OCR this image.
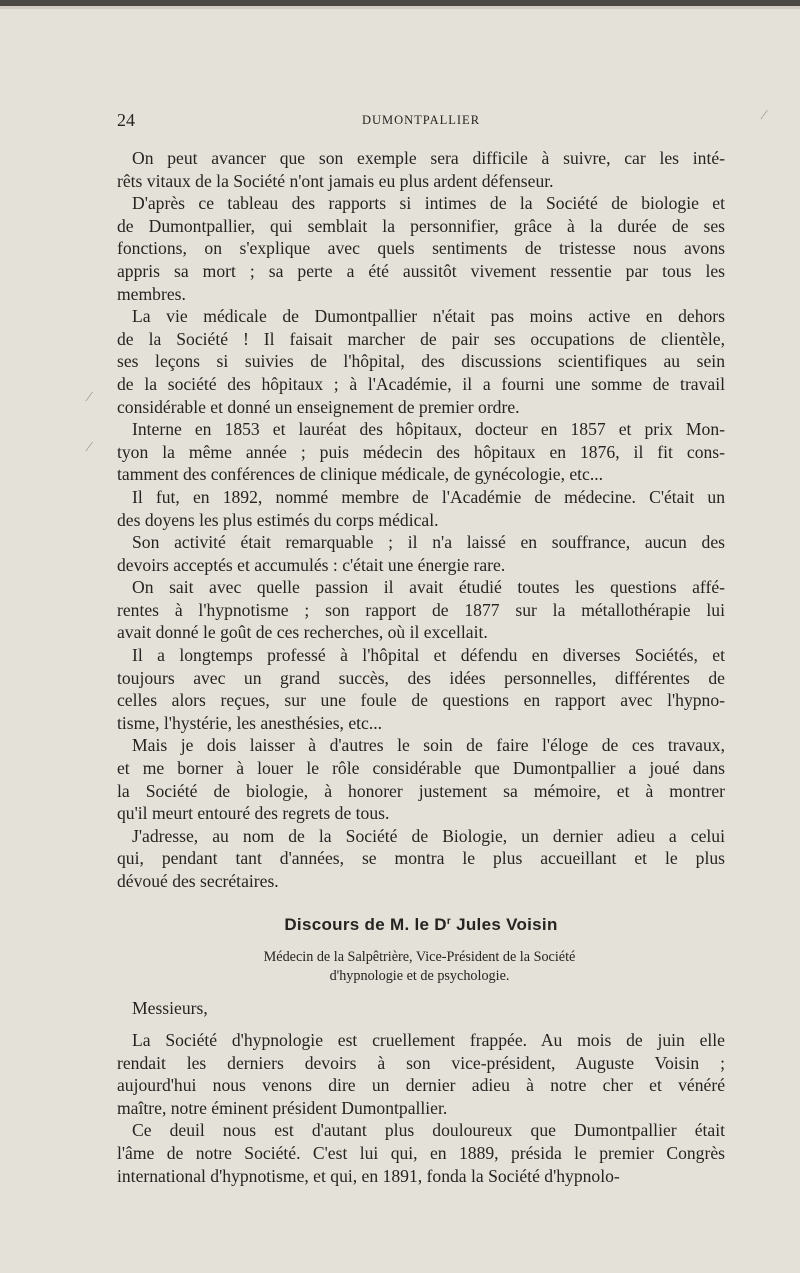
24	DUMONTPALLIER
On peut avancer que son exemple sera difficile à suivre, car les inté-
rêts vitaux de la Société n'ont jamais eu plus ardent défenseur.
D'après ce tableau des rapports si intimes de la Société de biologie et
de Dumontpallier, qui semblait la personnifier, grâce à la durée de ses
fonctions, on s'explique avec quels sentiments de tristesse nous avons
appris sa mort ; sa perte a été aussitôt vivement ressentie par tous les
membres.
La vie médicale de Dumontpallier n'était pas moins active en dehors
de la Société ! Il faisait marcher de pair ses occupations de clientèle,
ses leçons si suivies de l'hôpital, des discussions scientifiques au sein
de la société des hôpitaux ; à l'Académie, il a fourni une somme de travail
considérable et donné un enseignement de premier ordre.
Interne en 1853 et lauréat des hôpitaux, docteur en 1857 et prix Mon-
tyon la même année ; puis médecin des hôpitaux en 1876, il fit cons-
tamment des conférences de clinique médicale, de gynécologie, etc...
Il fut, en 1892, nommé membre de l'Académie de médecine. C'était un
des doyens les plus estimés du corps médical.
Son activité était remarquable ; il n'a laissé en souffrance, aucun des
devoirs acceptés et accumulés : c'était une énergie rare.
On sait avec quelle passion il avait étudié toutes les questions affé-
rentes à l'hypnotisme ; son rapport de 1877 sur la métallothérapie lui
avait donné le goût de ces recherches, où il excellait.
Il a longtemps professé à l'hôpital et défendu en diverses Sociétés, et
toujours avec un grand succès, des idées personnelles, différentes de
celles alors reçues, sur une foule de questions en rapport avec l'hypno-
tisme, l'hystérie, les anesthésies, etc...
Mais je dois laisser à d'autres le soin de faire l'éloge de ces travaux,
et me borner à louer le rôle considérable que Dumontpallier a joué dans
la Société de biologie, à honorer justement sa mémoire, et à montrer
qu'il meurt entouré des regrets de tous.
J'adresse, au nom de la Société de Biologie, un dernier adieu a celui
qui, pendant tant d'années, se montra le plus accueillant et le plus
dévoué des secrétaires.
Discours de M. le $D^r$ Jules Voisin
Médecin de la Salpêtrière, Vice-Président de la Société
d'hypnologie et de psychologie.
Messieurs,
La Société d'hypnologie est cruellement frappée. Au mois de juin elle
rendait les derniers devoirs à son vice-président, Auguste Voisin ;
aujourd'hui nous venons dire un dernier adieu à notre cher et vénéré
maître, notre éminent président Dumontpallier.
Ce deuil nous est d'autant plus douloureux que Dumontpallier était
l'âme de notre Société. C'est lui qui, en 1889, présida le premier Congrès
international d'hypnotisme, et qui, en 1891, fonda la Société d'hypnolo-
⁄
⁄
⁄
